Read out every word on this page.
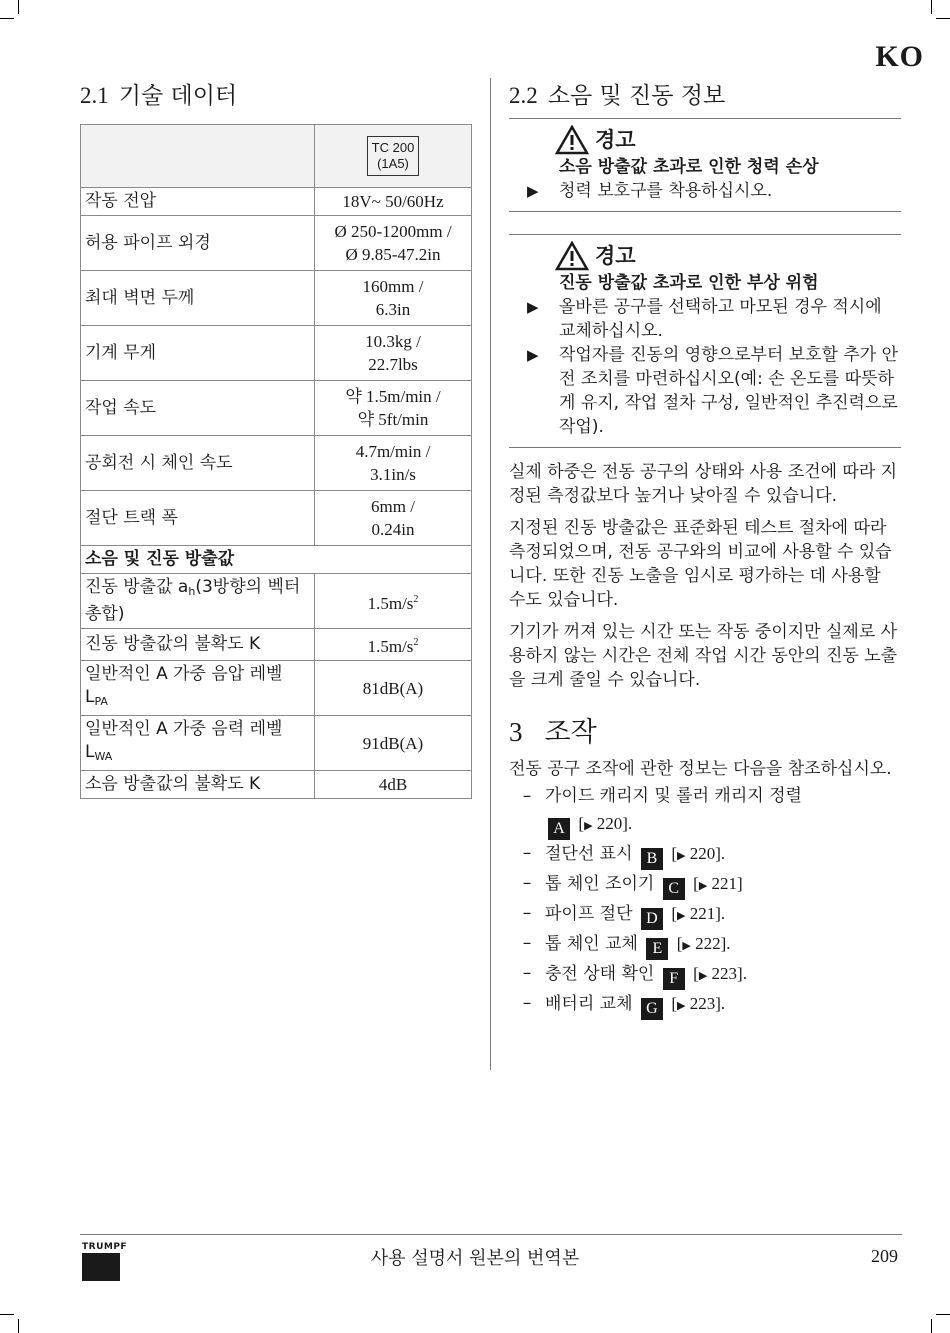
KO
2.1 기술 데이터

	TC 200
(1A5)

작동 전압	18V~ 50/60Hz
허용 파이프 외경	Ø 250-1200mm /
Ø 9.85-47.2in
최대 벽면 두께	160mm /
6.3in
기계 무게	10.3kg /
22.7lbs
작업 속도	약 1.5m/min /
약 5ft/min
공회전 시 체인 속도	4.7m/min /
3.1in/s
절단 트랙 폭	6mm /
0.24in
소음 및 진동 방출값	
진동 방출값 $a_h(3$방향의 벡터 총합)	$1.5m/s^2$
진동 방출값의 불확도 K	$1.5m/s^2$
일반적인 A 가중 음압 레벨 $L_{PA}$	81dB(A)
일반적인 A 가중 음력 레벨 $L_{WA}$	91dB(A)
소음 방출값의 불확도 K	4dB
2.2 소음 및 진동 정보
경고
소음 방출값 초과로 인한 청력 손상
▶	청력 보호구를 착용하십시오.
경고
진동 방출값 초과로 인한 부상 위험
▶	올바른 공구를 선택하고 마모된 경우 적시에 교체하십시오.
▶	작업자를 진동의 영향으로부터 보호할 추가 안전 조치를 마련하십시오(예: 손 온도를 따뜻하게 유지, 작업 절차 구성, 일반적인 추진력으로 작업).

실제 하중은 전동 공구의 상태와 사용 조건에 따라 지정된 측정값보다 높거나 낮아질 수 있습니다.

지정된 진동 방출값은 표준화된 테스트 절차에 따라 측정되었으며, 전동 공구와의 비교에 사용할 수 있습니다. 또한 진동 노출을 임시로 평가하는 데 사용할 수도 있습니다.

기기가 꺼져 있는 시간 또는 작동 중이지만 실제로 사용하지 않는 시간은 전체 작업 시간 동안의 진동 노출을 크게 줄일 수 있습니다.

3 조작

전동 공구 조작에 관한 정보는 다음을 참조하십시오.

– 가이드 캐리지 및 롤러 캐리지 정렬
A [▶ 220].
– 절단선 표시 B [▶ 220].
– 톱 체인 조이기 C [▶ 221]
– 파이프 절단 D [▶ 221].
– 톱 체인 교체 E [▶ 222].
– 충전 상태 확인 F [▶ 223].
– 배터리 교체 G [▶ 223].
TRUMPF
사용 설명서 원본의 번역본	209
